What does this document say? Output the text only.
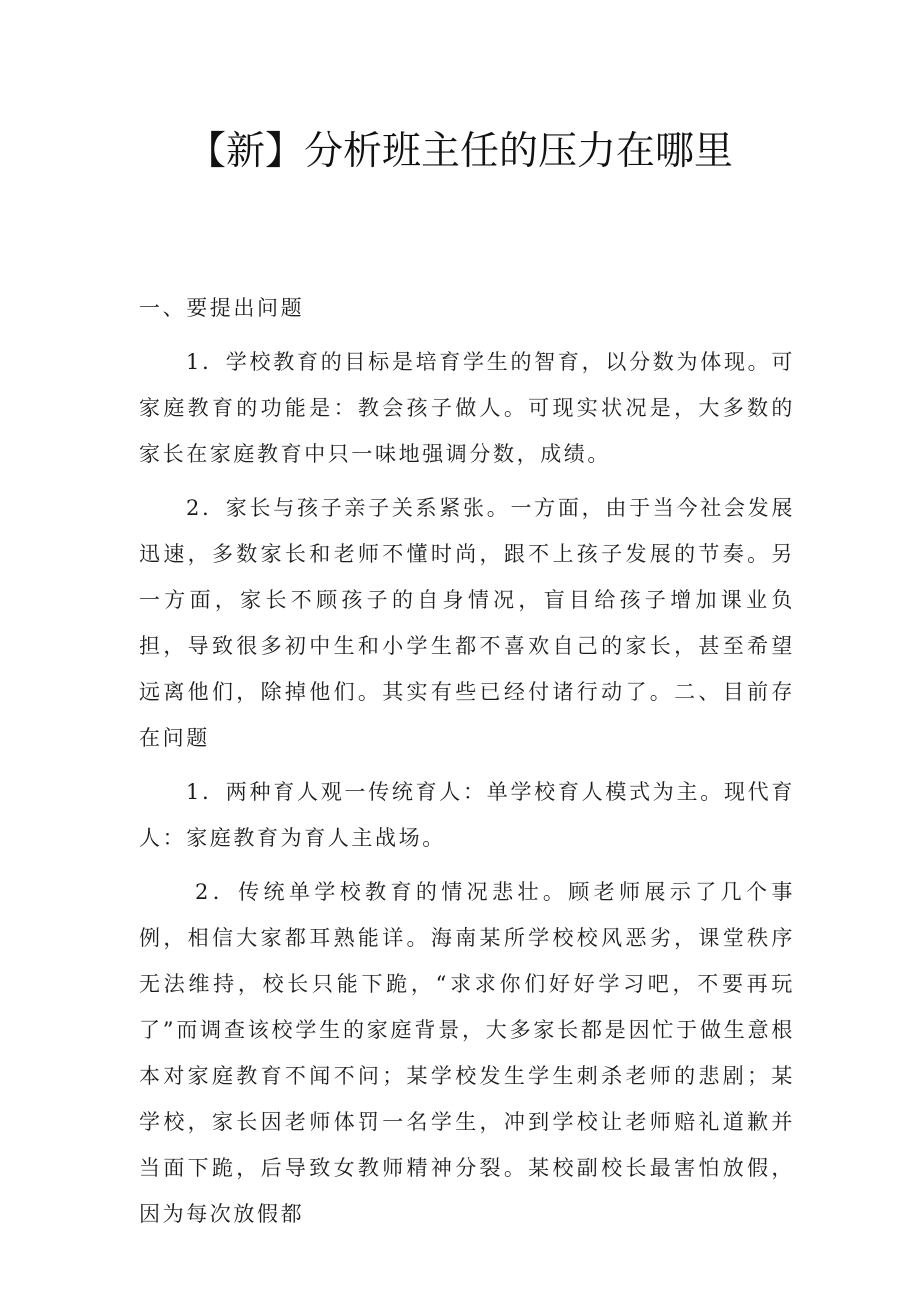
【新】分析班主任的压力在哪里

一、要提出问题

1．学校教育的目标是培育学生的智育，以分数为体现。可家庭教育的功能是：教会孩子做人。可现实状况是，大多数的家长在家庭教育中只一味地强调分数，成绩。

2．家长与孩子亲子关系紧张。一方面，由于当今社会发展迅速，多数家长和老师不懂时尚，跟不上孩子发展的节奏。另一方面，家长不顾孩子的自身情况，盲目给孩子增加课业负担，导致很多初中生和小学生都不喜欢自己的家长，甚至希望远离他们，除掉他们。其实有些已经付诸行动了。二、目前存在问题

1．两种育人观一传统育人：单学校育人模式为主。现代育人：家庭教育为育人主战场。

2．传统单学校教育的情况悲壮。顾老师展示了几个事例，相信大家都耳熟能详。海南某所学校校风恶劣，课堂秩序无法维持，校长只能下跪，“求求你们好好学习吧，不要再玩了”而调查该校学生的家庭背景，大多家长都是因忙于做生意根本对家庭教育不闻不问；某学校发生学生刺杀老师的悲剧；某学校，家长因老师体罚一名学生，冲到学校让老师赔礼道歉并当面下跪，后导致女教师精神分裂。某校副校长最害怕放假，因为每次放假都
